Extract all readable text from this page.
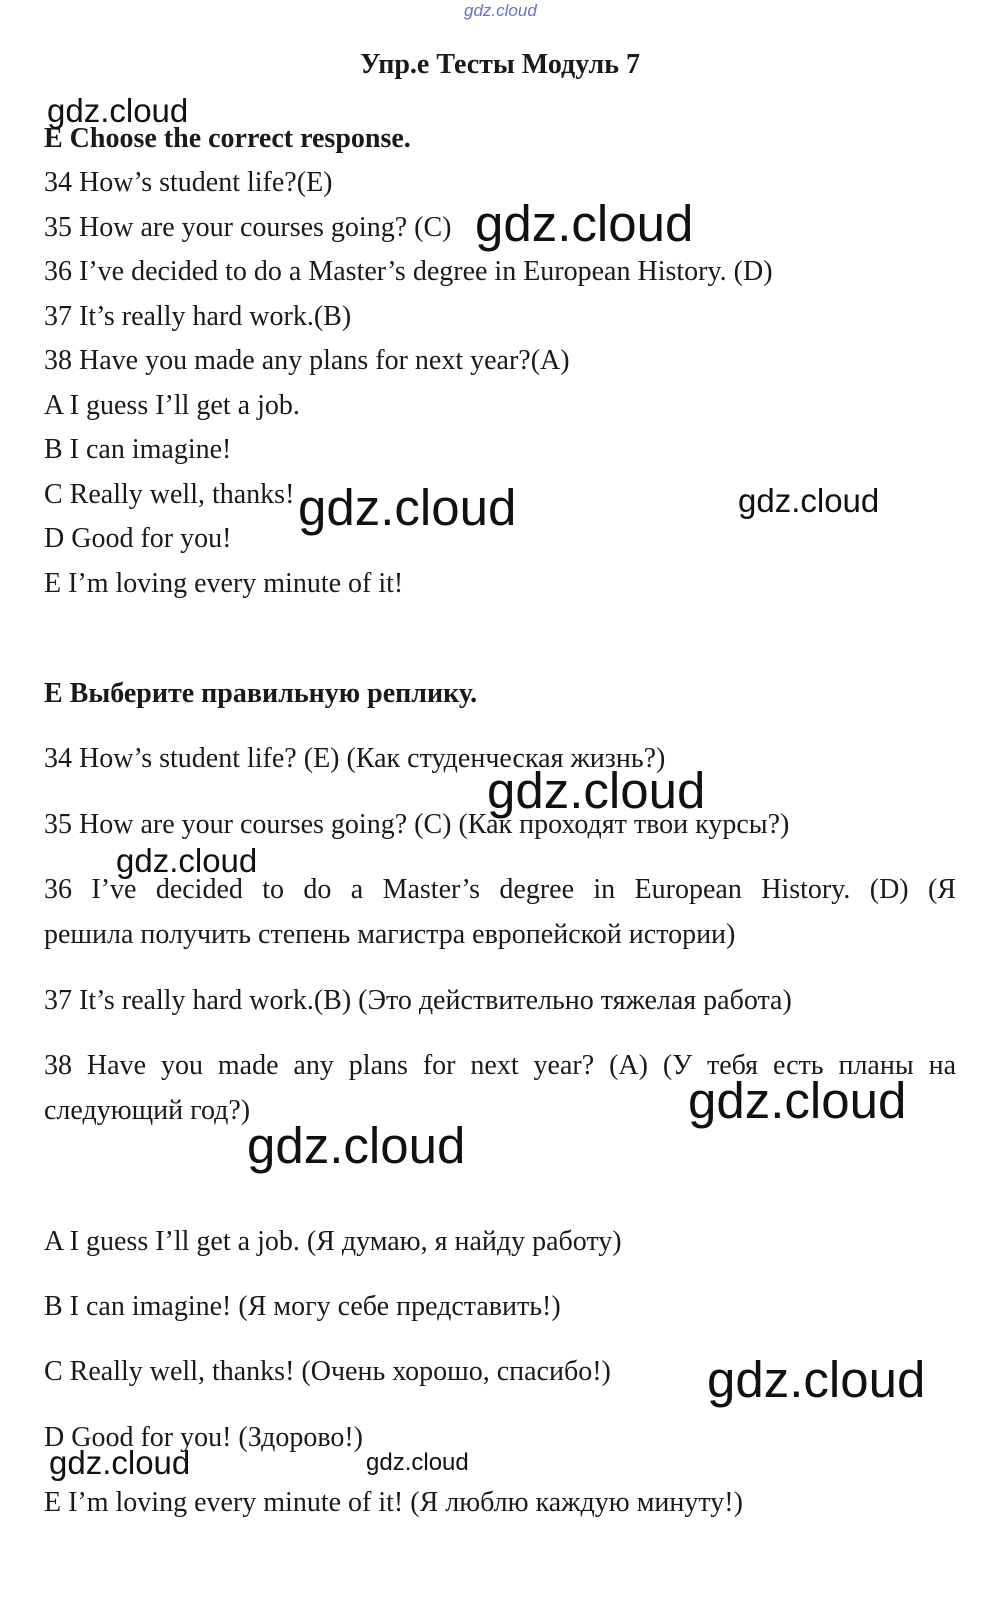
gdz.cloud
Упр.е Тесты Модуль 7
E Choose the correct response.
34 How’s student life?(E)
35 How are your courses going? (C)
36 I’ve decided to do a Master’s degree in European History. (D)
37 It’s really hard work.(B)
38 Have you made any plans for next year?(A)
A I guess I’ll get a job.
B I can imagine!
C Really well, thanks!
D Good for you!
E I’m loving every minute of it!
E Выберите правильную реплику.
34 How’s student life? (E) (Как студенческая жизнь?)
35 How are your courses going? (C) (Как проходят твои курсы?)
36 I’ve decided to do a Master’s degree in European History. (D) (Я
решила получить степень магистра европейской истории)
37 It’s really hard work.(B) (Это действительно тяжелая работа)
38 Have you made any plans for next year? (A) (У тебя есть планы на
следующий год?)
A I guess I’ll get a job. (Я думаю, я найду работу)
B I can imagine! (Я могу себе представить!)
C Really well, thanks! (Очень хорошо, спасибо!)
D Good for you! (Здорово!)
E I’m loving every minute of it! (Я люблю каждую минуту!)
gdz.cloud
gdz.cloud
gdz.cloud	gdz.cloud
gdz.cloud
gdz.cloud
gdz.cloud
gdz.cloud
gdz.cloud
gdz.cloud	gdz.cloud
